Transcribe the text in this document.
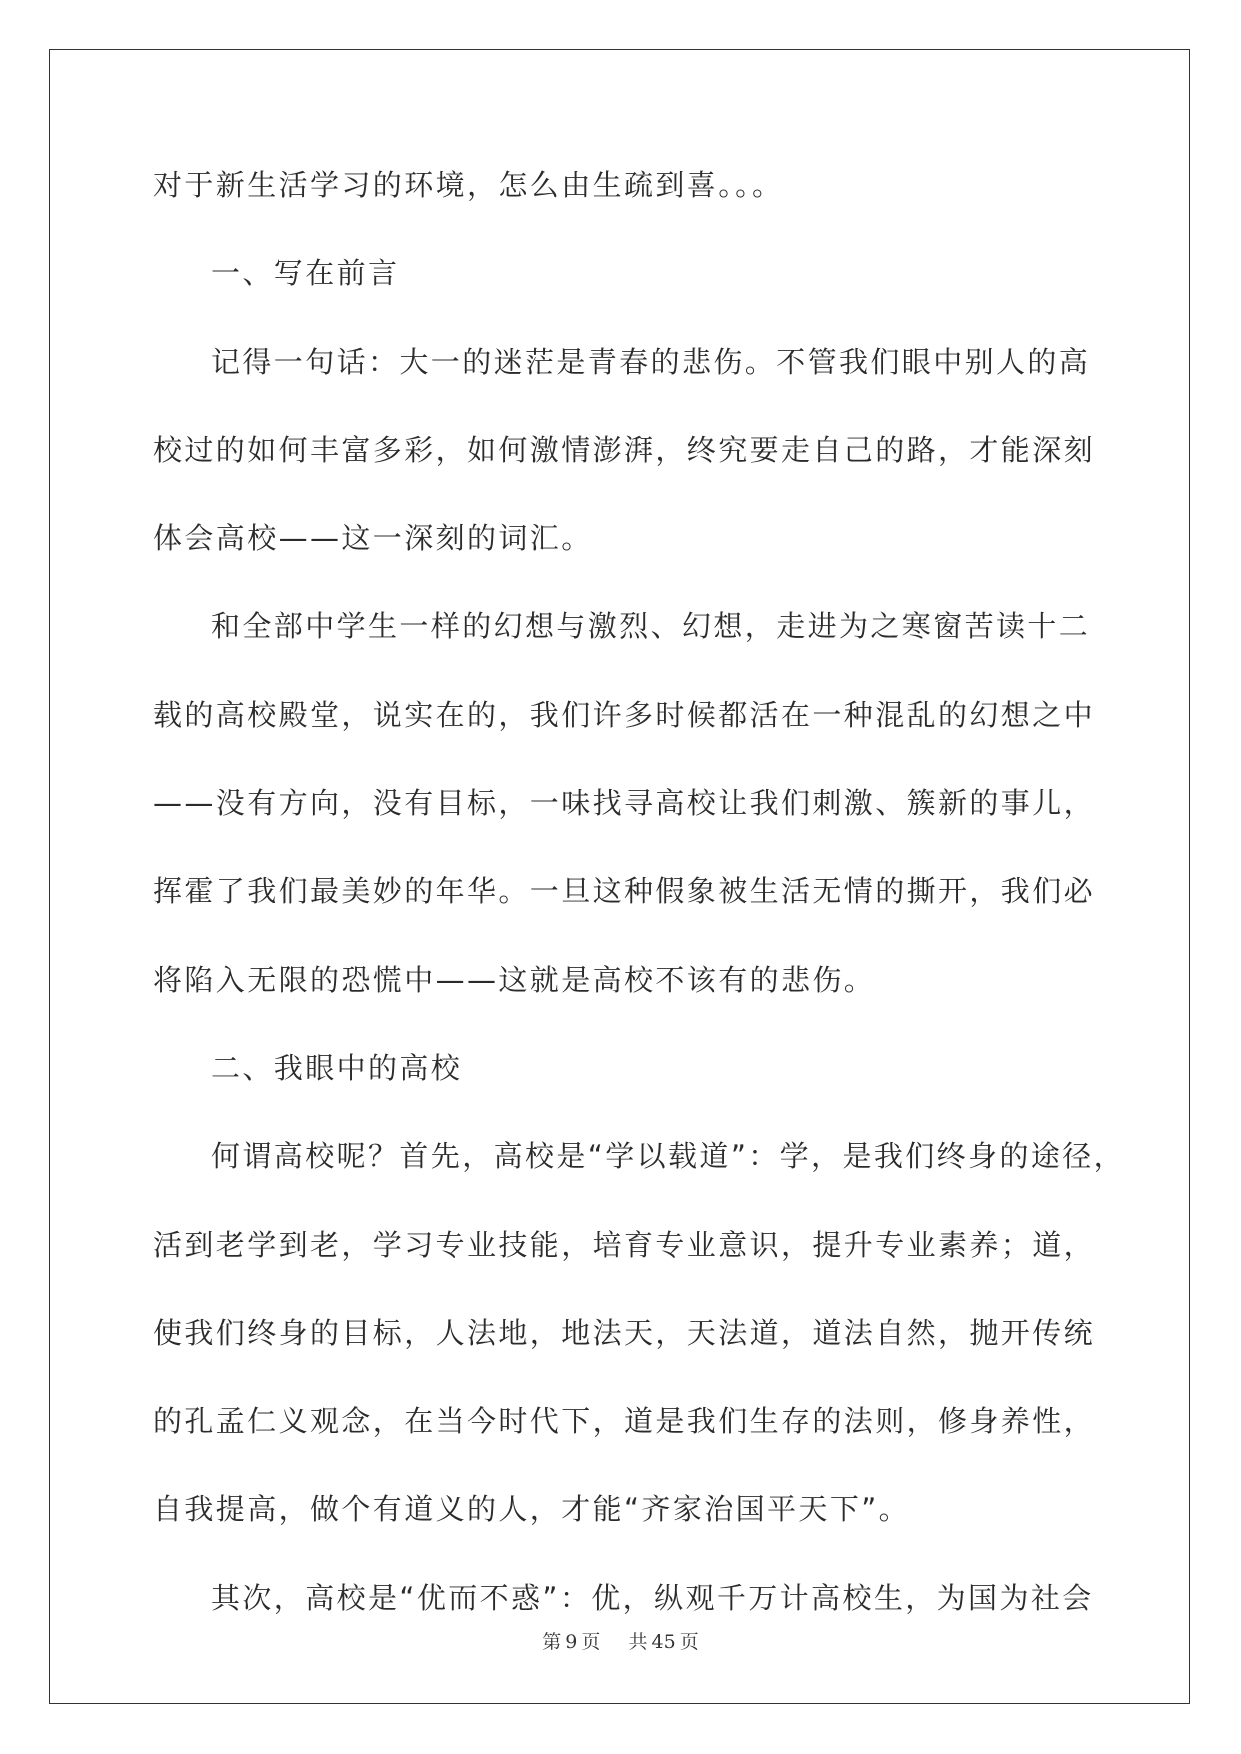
对于新生活学习的环境，怎么由生疏到喜。。。
一、写在前言
记得一句话：大一的迷茫是青春的悲伤。不管我们眼中别人的高
校过的如何丰富多彩，如何激情澎湃，终究要走自己的路，才能深刻
体会高校——这一深刻的词汇。
和全部中学生一样的幻想与激烈、幻想，走进为之寒窗苦读十二
载的高校殿堂，说实在的，我们许多时候都活在一种混乱的幻想之中
——没有方向，没有目标，一味找寻高校让我们刺激、簇新的事儿，
挥霍了我们最美妙的年华。一旦这种假象被生活无情的撕开，我们必
将陷入无限的恐慌中——这就是高校不该有的悲伤。
二、我眼中的高校
何谓高校呢？首先，高校是“学以载道”：学，是我们终身的途径，
活到老学到老，学习专业技能，培育专业意识，提升专业素养；道，
使我们终身的目标，人法地，地法天，天法道，道法自然，抛开传统
的孔孟仁义观念，在当今时代下，道是我们生存的法则，修身养性，
自我提高，做个有道义的人，才能“齐家治国平天下”。
其次，高校是“优而不惑”：优，纵观千万计高校生，为国为社会
第 9 页 共 45 页
